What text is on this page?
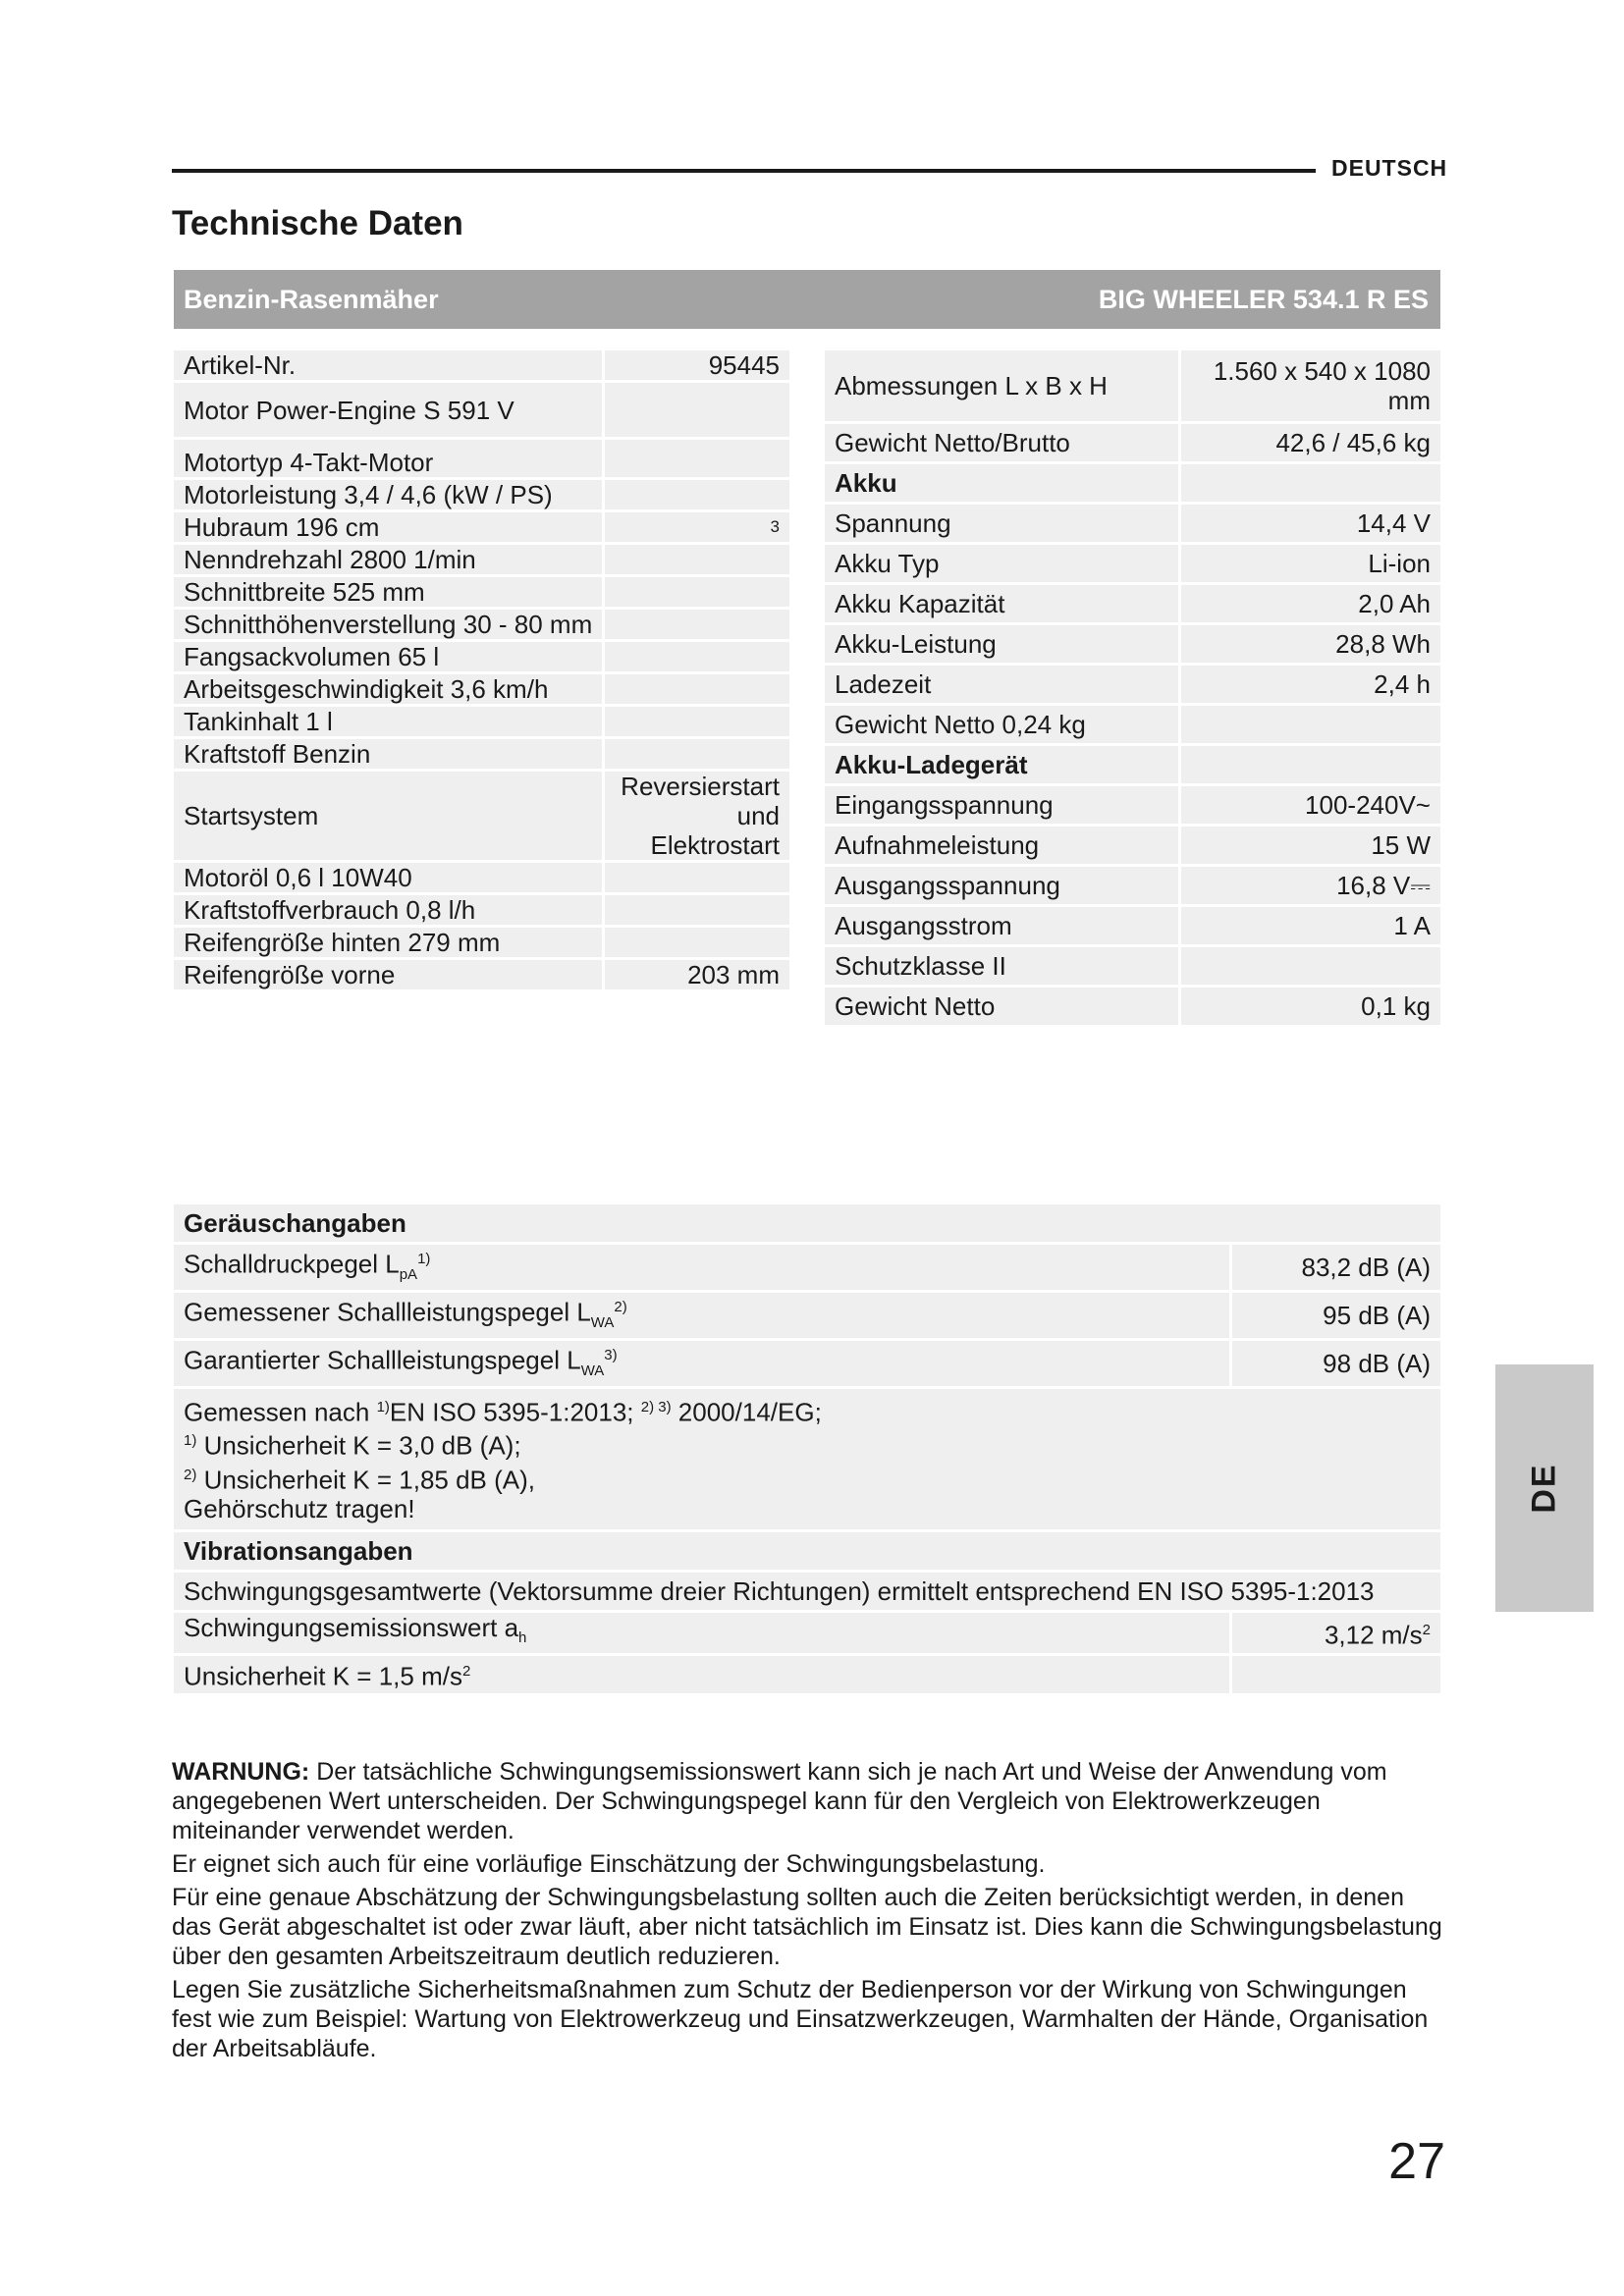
DEUTSCH
Technische Daten
Benzin-Rasenmäher	BIG WHEELER 534.1 R ES
Artikel-Nr.	95445
Motor Power-Engine S 591 V	
Motortyp 4-Takt-Motor	
Motorleistung 3,4 / 4,6 (kW / PS)	
Hubraum 196 cm	3
Nenndrehzahl 2800 1/min	
Schnittbreite 525 mm	
Schnitthöhenverstellung 30 - 80 mm	
Fangsackvolumen 65 l	
Arbeitsgeschwindigkeit 3,6 km/h	
Tankinhalt 1 l	
Kraftstoff Benzin	
Startsystem	Reversierstart und
Elektrostart

Motoröl 0,6 l 10W40	
Kraftstoffverbrauch 0,8 l/h	
Reifengröße hinten 279 mm	
Reifengröße vorne	203 mm
Abmessungen L x B x H	1.560 x 540 x 1080
mm

Gewicht Netto/Brutto	42,6 / 45,6 kg
Akku	
Spannung	14,4 V
Akku Typ	Li-ion
Akku Kapazität	2,0 Ah
Akku-Leistung	28,8 Wh
Ladezeit	2,4 h
Gewicht Netto 0,24 kg	
Akku-Ladegerät	
Eingangsspannung	100-240V~
Aufnahmeleistung	15 W
Ausgangsspannung	16,8 V⎓
Ausgangsstrom	1 A
Schutzklasse II	
Gewicht Netto	0,1 kg
Geräuschangaben	
Schalldruckpegel $L_{pA}^{1)}$	83,2 dB (A)
Gemessener Schallleistungspegel $L_{WA}^{2)}$	95 dB (A)
Garantierter Schallleistungspegel $L_{WA}^{3)}$	98 dB (A)

Gemessen nach $^{1)}$EN ISO 5395-1:2013; $^{2) 3)}$ 2000/14/EG;
$^{1)}$ Unsicherheit K = 3,0 dB (A);
$^{2)}$ Unsicherheit K = 1,85 dB (A),
Gehörschutz tragen!	

Vibrationsangaben	
Schwingungsgesamtwerte (Vektorsumme dreier Richtungen) ermittelt entsprechend EN ISO 5395-1:2013	
Schwingungsemissionswert $a_h$	3,12 $m/s^2$
Unsicherheit K = 1,5 $m/s^2$	

WARNUNG: Der tatsächliche Schwingungsemissionswert kann sich je nach Art und Weise der Anwendung vom angegebenen Wert unterscheiden. Der Schwingungspegel kann für den Vergleich von Elektrowerkzeugen miteinander verwendet werden.

Er eignet sich auch für eine vorläufige Einschätzung der Schwingungsbelastung.

Für eine genaue Abschätzung der Schwingungsbelastung sollten auch die Zeiten berücksichtigt werden, in denen das Gerät abgeschaltet ist oder zwar läuft, aber nicht tatsächlich im Einsatz ist. Dies kann die Schwingungsbelastung über den gesamten Arbeitszeitraum deutlich reduzieren.

Legen Sie zusätzliche Sicherheitsmaßnahmen zum Schutz der Bedienperson vor der Wirkung von Schwingungen fest wie zum Beispiel: Wartung von Elektrowerkzeug und Einsatzwerkzeugen, Warmhalten der Hände, Organisation der Arbeitsabläufe.

DE
27
